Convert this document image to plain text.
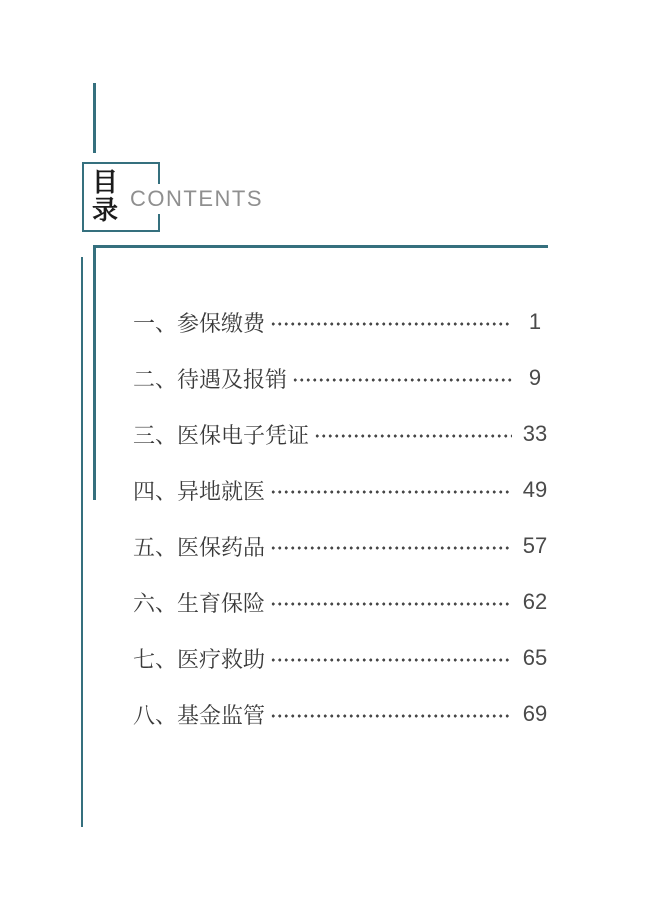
目录 CONTENTS
一、参保缴费	1
二、待遇及报销	9
三、医保电子凭证	33
四、异地就医	49
五、医保药品	57
六、生育保险	62
七、医疗救助	65
八、基金监管	69
